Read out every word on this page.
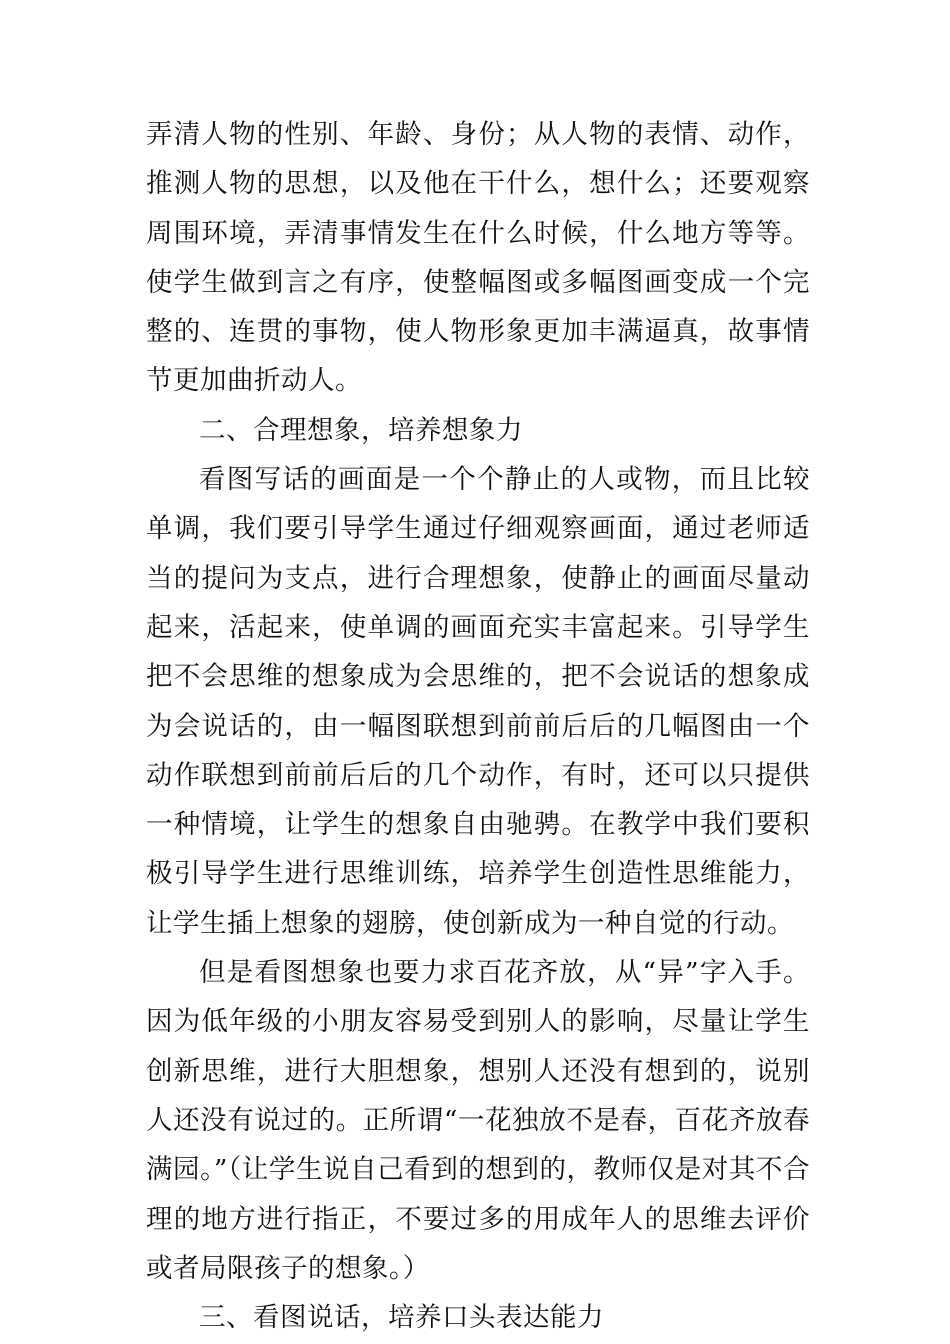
弄清人物的性别、年龄、身份；从人物的表情、动作，推测人物的思想，以及他在干什么，想什么；还要观察周围环境，弄清事情发生在什么时候，什么地方等等。使学生做到言之有序，使整幅图或多幅图画变成一个完整的、连贯的事物，使人物形象更加丰满逼真，故事情节更加曲折动人。

二、合理想象，培养想象力

看图写话的画面是一个个静止的人或物，而且比较单调，我们要引导学生通过仔细观察画面，通过老师适当的提问为支点，进行合理想象，使静止的画面尽量动起来，活起来，使单调的画面充实丰富起来。引导学生把不会思维的想象成为会思维的，把不会说话的想象成为会说话的，由一幅图联想到前前后后的几幅图由一个动作联想到前前后后的几个动作，有时，还可以只提供一种情境，让学生的想象自由驰骋。在教学中我们要积极引导学生进行思维训练，培养学生创造性思维能力，让学生插上想象的翅膀，使创新成为一种自觉的行动。

但是看图想象也要力求百花齐放，从“异”字入手。因为低年级的小朋友容易受到别人的影响，尽量让学生创新思维，进行大胆想象，想别人还没有想到的，说别人还没有说过的。正所谓“一花独放不是春，百花齐放春满园。”（让学生说自己看到的想到的，教师仅是对其不合理的地方进行指正，不要过多的用成年人的思维去评价或者局限孩子的想象。）

三、看图说话，培养口头表达能力
